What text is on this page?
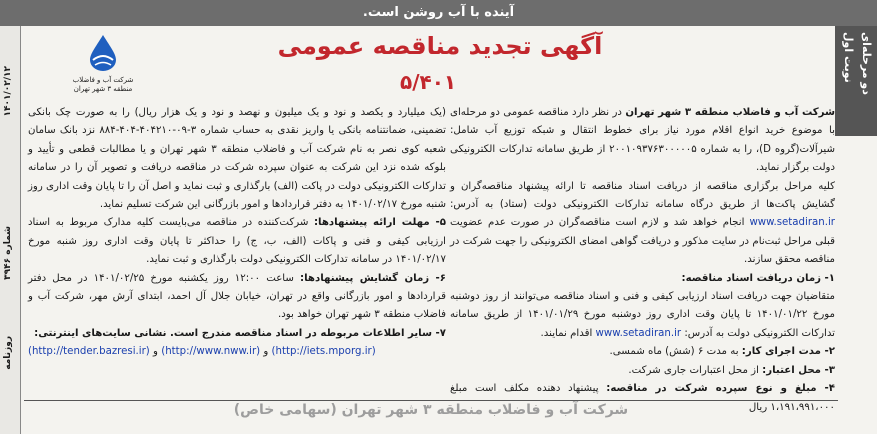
آینده با آب روشن است.
روزنامه
شماره ۳۹۴۶
۱۴۰۱/۰۲/۱۲	دو مرحله‌ای
نوبت اول
شرکت آب و فاضلاب
منطقه ۳ شهر تهران
آگهی تجدید مناقصه عمومی
۵/۴۰۱

شرکت آب و فاضلاب منطقه ۳ شهر تهران در نظر دارد مناقصه عمومی دو مرحله‌ای با موضوع خرید انواع اقلام مورد نیاز برای خطوط انتقال و شبکه توزیع آب شامل: شیرآلات(گروه D)، را به شماره ۲۰۰۱۰۹۳۷۶۳۰۰۰۰۰۵ از طریق سامانه تدارکات الکترونیکی دولت برگزار نماید.

کلیه مراحل برگزاری مناقصه از دریافت اسناد مناقصه تا ارائه پیشنهاد مناقصه‌گران و گشایش پاکت‌ها از طریق درگاه سامانه تدارکات الکترونیکی دولت (ستاد) به آدرس: www.setadiran.ir انجام خواهد شد و لازم است مناقصه‌گران در صورت عدم عضویت قبلی مراحل ثبت‌نام در سایت مذکور و دریافت گواهی امضای الکترونیکی را جهت شرکت در مناقصه محقق سازند.

۱- زمان دریافت اسناد مناقصه:

متقاضیان جهت دریافت اسناد ارزیابی کیفی و فنی و اسناد مناقصه می‌توانند از روز دوشنبه مورخ ۱۴۰۱/۰۱/۲۲ تا پایان وقت اداری روز دوشنبه مورخ ۱۴۰۱/۰۱/۲۹ از طریق سامانه تدارکات الکترونیکی دولت به آدرس: www.setadiran.ir اقدام نمایند.

۲- مدت اجرای کار: به مدت ۶ (شش) ماه شمسی.

۳- محل اعتبار: از محل اعتبارات جاری شرکت.

۴- مبلغ و نوع سپرده شرکت در مناقصه: پیشنهاد دهنده مکلف است مبلغ ۱،۱۹۱،۹۹۱،۰۰۰ ریال

(یک میلیارد و یکصد و نود و یک میلیون و نهصد و نود و یک هزار ریال) را به صورت چک بانکی تضمینی، ضمانتنامه بانکی یا واریز نقدی به حساب شماره ۳-۰۹-۴۰۴۲۱۰-۴۰۴-۸۸۴ نزد بانک سامان شعبه کوی نصر به نام شرکت آب و فاضلاب منطقه ۳ شهر تهران و یا مطالبات قطعی و تأیید و بلوکه شده نزد این شرکت به عنوان سپرده شرکت در مناقصه دریافت و تصویر آن را در سامانه تدارکات الکترونیکی دولت در پاکت (الف) بارگذاری و ثبت نماید و اصل آن را تا پایان وقت اداری روز شنبه مورخ ۱۴۰۱/۰۲/۱۷ به دفتر قراردادها و امور بازرگانی این شرکت تسلیم نماید.

۵- مهلت ارائه پیشنهادها: شرکت‌کننده در مناقصه می‌بایست کلیه مدارک مربوط به اسناد ارزیابی کیفی و فنی و پاکات (الف، ب، ج) را حداکثر تا پایان وقت اداری روز شنبه مورخ ۱۴۰۱/۰۲/۱۷ در سامانه تدارکات الکترونیکی دولت بارگذاری و ثبت نماید.

۶- زمان گشایش پیشنهادها: ساعت ۱۲:۰۰ روز یکشنبه مورخ ۱۴۰۱/۰۲/۲۵ در محل دفتر قراردادها و امور بازرگانی واقع در تهران، خیابان جلال آل احمد، ابتدای آرش مهر، شرکت آب و فاضلاب منطقه ۳ شهر تهران خواهد بود.

۷- سایر اطلاعات مربوطه در اسناد مناقصه مندرج است. نشانی سایت‌های اینترنتی:

(http://tender.bazresi.ir) و (http://www.nww.ir) و (http://iets.mporg.ir)

شرکت آب و فاضلاب منطقه ۳ شهر تهران (سهامی خاص)
